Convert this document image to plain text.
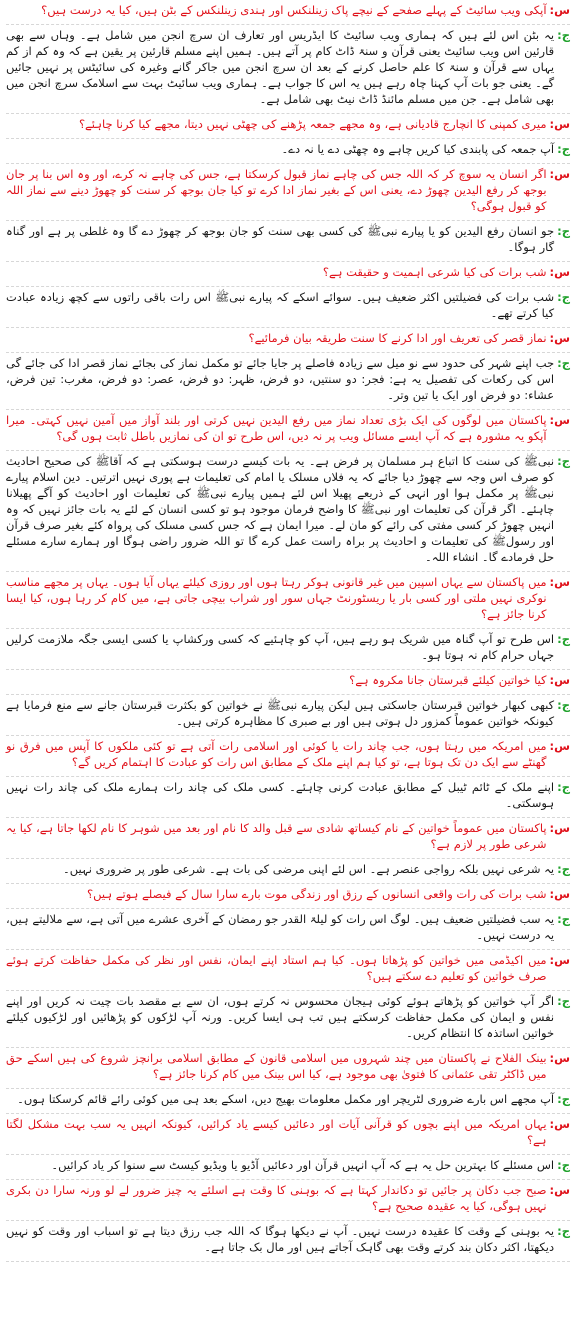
س:
آپکی ویب سائیٹ کے پہلے صفحے کے نیچے پاک زینلنکس اور ہندی زینلنکس کے بٹن ہیں، کیا یہ درست ہیں؟
ج:
یہ بٹن اس لئے ہیں کہ ہماری ویب سائیٹ کا ایڈریس اور تعارف ان سرچ انجن میں شامل ہے۔ وہاں سے بھی قارئین اس ویب سائیٹ یعنی قرآن و سنۃ ڈاٹ کام پر آتے ہیں۔ ہمیں اپنے مسلم قارئین پر یقین ہے کہ وہ کم از کم یہاں سے قرآن و سنۃ کا علم حاصل کرنے کے بعد ان سرچ انجن میں جاکر گانے وغیرہ کی سائیٹس پر نہیں جائیں گے۔ یعنی جو بات آپ کہنا چاہ رہے ہیں یہ اس کا جواب ہے۔ ہماری ویب سائیٹ بہت سے اسلامک سرچ انجن میں بھی شامل ہے۔ جن میں مسلم مائنڈ ڈاٹ نیٹ بھی شامل ہے۔
س:
میری کمپنی کا انچارج قادیانی ہے، وہ مجھے جمعہ پڑھنے کی چھٹی نہیں دیتا، مجھے کیا کرنا چاہئے؟
ج:
آپ جمعہ کی پابندی کیا کریں چاہے وہ چھٹی دے یا نہ دے۔
س:
اگر انسان یہ سوچ کر کہ اللہ جس کی چاہے نماز قبول کرسکتا ہے، جس کی چاہے نہ کرے، اور وہ اس بنا پر جان بوجھ کر رفع الیدین چھوڑ دے، یعنی اس کے بغیر نماز ادا کرے تو کیا جان بوجھ کر سنت کو چھوڑ دینے سے نماز اللہ کو قبول ہوگی؟
ج:
جو انسان رفع الیدین کو یا پیارے نبیﷺ کی کسی بھی سنت کو جان بوجھ کر چھوڑ دے گا وہ غلطی پر ہے اور گناہ گار ہوگا۔
س:
شب برات کی کیا شرعی اہمیت و حقیقت ہے؟
ج:
شب برات کی فضیلتیں اکثر ضعیف ہیں۔ سوائے اسکے کہ پیارے نبیﷺ اس رات باقی راتوں سے کچھ زیادہ عبادت کیا کرتے تھے۔
س:
نماز قصر کی تعریف اور ادا کرنے کا سنت طریقہ بیان فرمائیے؟
ج:
جب اپنے شہر کی حدود سے نو میل سے زیادہ فاصلے پر جایا جائے تو مکمل نماز کی بجائے نماز قصر ادا کی جائے گی اس کی رکعات کی تفصیل یہ ہے: فجر: دو سنتیں، دو فرض، ظہر: دو فرض، عصر: دو فرض، مغرب: تین فرض، عشاء: دو فرض اور ایک یا تین وتر۔
س:
پاکستان میں لوگوں کی ایک بڑی تعداد نماز میں رفع الیدین نہیں کرتی اور بلند آواز میں آمین نہیں کہتی۔ میرا آپکو یہ مشورہ ہے کہ آپ ایسے مسائل ویب پر نہ دیں، اس طرح تو ان کی نمازیں باطل ثابت ہوں گی؟
ج:
نبیﷺ کی سنت کا اتباع ہر مسلمان پر فرض ہے۔ یہ بات کیسے درست ہوسکتی ہے کہ آقاﷺ کی صحیح احادیث کو صرف اس وجہ سے چھوڑ دیا جائے کہ یہ فلاں مسلک یا امام کی تعلیمات ہے پوری نہیں اترتیں۔ دین اسلام پیارے نبیﷺ پر مکمل ہوا اور انہی کے ذریعے پھیلا اس لئے ہمیں پیارے نبیﷺ کی تعلیمات اور احادیث کو آگے پھیلانا چاہئے۔ اگر قرآن کی تعلیمات اور نبیﷺ کا واضح فرمان موجود ہو تو کسی انسان کے لئے یہ بات جائز نہیں کہ وہ انہیں چھوڑ کر کسی مفتی کی رائے کو مان لے۔ میرا ایمان ہے کہ جس کسی مسلک کی پرواہ کئے بغیر صرف قرآن اور رسولﷺ کی تعلیمات و احادیث پر براہ راست عمل کرے گا تو اللہ ضرور راضی ہوگا اور ہمارے سارے مسئلے حل فرمادے گا۔ انشاء اللہ۔
س:
میں پاکستان سے یہاں اسپین میں غیر قانونی ہوکر رہتا ہوں اور روزی کیلئے یہاں آیا ہوں۔ یہاں پر مجھے مناسب نوکری نہیں ملتی اور کسی بار یا ریسٹورنٹ جہاں سور اور شراب بیچی جاتی ہے، میں کام کر رہا ہوں، کیا ایسا کرنا جائز ہے؟
ج:
اس طرح تو آپ گناہ میں شریک ہو رہے ہیں، آپ کو چاہئیے کہ کسی ورکشاپ یا کسی ایسی جگہ ملازمت کرلیں جہاں حرام کام نہ ہوتا ہو۔
س:
کیا خواتین کیلئے قبرستان جانا مکروہ ہے؟
ج:
کبھی کبھار خواتین قبرستان جاسکتی ہیں لیکن پیارے نبیﷺ نے خواتین کو بکثرت قبرستان جانے سے منع فرمایا ہے کیونکہ خواتین عموماً کمزور دل ہوتی ہیں اور بے صبری کا مظاہرہ کرتی ہیں۔
س:
میں امریکہ میں رہتا ہوں، جب چاند رات یا کوئی اور اسلامی رات آتی ہے تو کئی ملکوں کا آپس میں فرق نو گھنٹے سے ایک دن تک ہوتا ہے، تو کیا ہم اپنے ملک کے مطابق اس رات کو عبادت کا اہتمام کریں گے؟
ج:
اپنے ملک کے ٹائم ٹیبل کے مطابق عبادت کرنی چاہئے۔ کسی ملک کی چاند رات ہمارے ملک کی چاند رات نہیں ہوسکتی۔
س:
پاکستان میں عموماً خواتین کے نام کیساتھ شادی سے قبل والد کا نام اور بعد میں شوہر کا نام لکھا جاتا ہے، کیا یہ شرعی طور پر لازم ہے؟
ج:
یہ شرعی نہیں بلکہ رواجی عنصر ہے۔ اس لئے اپنی مرضی کی بات ہے۔ شرعی طور پر ضروری نہیں۔
س:
شب برات کی رات واقعی انسانوں کے رزق اور زندگی موت بارے سارا سال کے فیصلے ہوتے ہیں؟
ج:
یہ سب فضیلتیں ضعیف ہیں۔ لوگ اس رات کو لیلۃ القدر جو رمضان کے آخری عشرے میں آتی ہے، سے ملالیتے ہیں، یہ درست نہیں۔
س:
میں اکیڈمی میں خواتین کو پڑھاتا ہوں۔ کیا ہم استاد اپنے ایمان، نفس اور نظر کی مکمل حفاظت کرتے ہوئے صرف خواتین کو تعلیم دے سکتے ہیں؟
ج:
اگر آپ خواتین کو پڑھاتے ہوئے کوئی ہیجان محسوس نہ کرتے ہوں، ان سے بے مقصد بات چیت نہ کریں اور اپنے نفس و ایمان کی مکمل حفاظت کرسکتے ہیں تب ہی ایسا کریں۔ ورنہ آپ لڑکوں کو پڑھائیں اور لڑکیوں کیلئے خواتین اساتذہ کا انتظام کریں۔
س:
بینک الفلاح نے پاکستان میں چند شہروں میں اسلامی قانون کے مطابق اسلامی برانچز شروع کی ہیں اسکے حق میں ڈاکٹر تقی عثمانی کا فتویٰ بھی موجود ہے، کیا اس بینک میں کام کرنا جائز ہے؟
ج:
آپ مجھے اس بارے ضروری لٹریچر اور مکمل معلومات بھیج دیں، اسکے بعد ہی میں کوئی رائے قائم کرسکتا ہوں۔
س:
یہاں امریکہ میں اپنے بچوں کو قرآنی آیات اور دعائیں کیسے یاد کرائیں، کیونکہ انہیں یہ سب بہت مشکل لگتا ہے؟
ج:
اس مسئلے کا بہترین حل یہ ہے کہ آپ انہیں قرآن اور دعائیں آڈیو یا ویڈیو کیسٹ سے سنوا کر یاد کرائیں۔
س:
صبح جب دکان پر جائیں تو دکاندار کہتا ہے کہ بوہنی کا وقت ہے اسلئے یہ چیز ضرور لے لو ورنہ سارا دن بکری نہیں ہوگی، کیا یہ عقیدہ صحیح ہے؟
ج:
یہ بوہنی کے وقت کا عقیدہ درست نہیں۔ آپ نے دیکھا ہوگا کہ اللہ جب رزق دیتا ہے تو اسباب اور وقت کو نہیں دیکھتا، اکثر دکان بند کرتے وقت بھی گاہک آجاتے ہیں اور مال بک جاتا ہے۔
